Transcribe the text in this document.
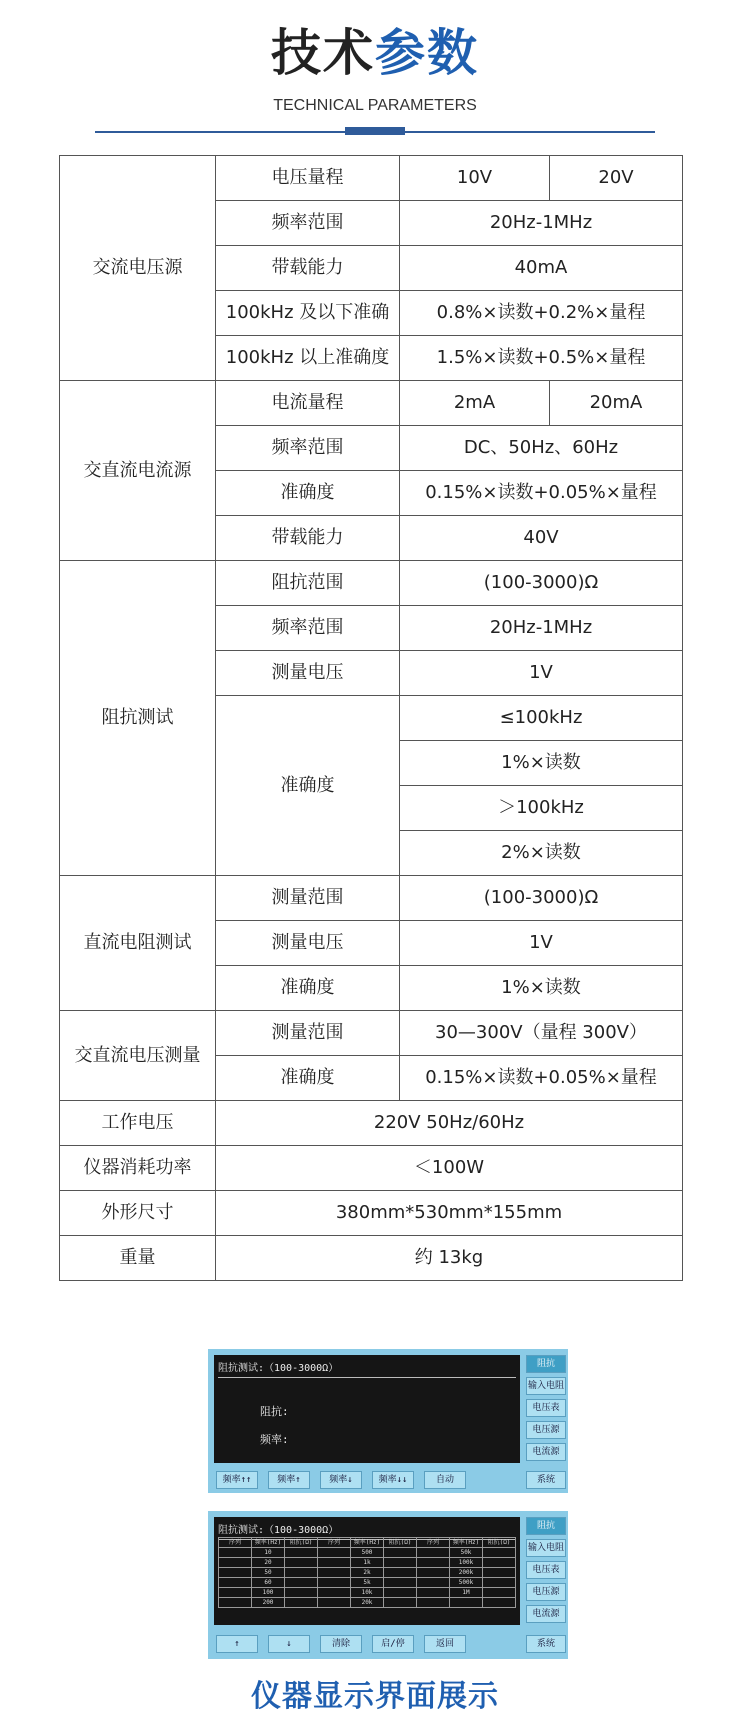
技术参数
TECHNICAL PARAMETERS
交流电压源	电压量程	10V	20V
	频率范围	20Hz-1MHz	
	带载能力	40mA	
	100kHz 及以下准确	0.8%×读数+0.2%×量程	
	100kHz 以上准确度	1.5%×读数+0.5%×量程	
交直流电流源	电流量程	2mA	20mA
	频率范围	DC、50Hz、60Hz	
	准确度	0.15%×读数+0.05%×量程	
	带载能力	40V	
阻抗测试	阻抗范围	(100-3000)Ω	
	频率范围	20Hz-1MHz	
	测量电压	1V	
	准确度	≤100kHz	
		1%×读数	
		＞100kHz	
		2%×读数	
直流电阻测试	测量范围	(100-3000)Ω	
	测量电压	1V	
	准确度	1%×读数	
交直流电压测量	测量范围	30—300V（量程 300V）	
	准确度	0.15%×读数+0.05%×量程	
工作电压	220V 50Hz/60Hz		
仪器消耗功率	＜100W		
外形尺寸	380mm*530mm*155mm		
重量	约 13kg		
阻抗测试:（100-3000Ω）
阻抗:
频率:
阻抗
输入电阻
电压表
电压源
电流源
系统
频率↑↑	频率↑	频率↓	频率↓↓	自动
阻抗测试:（100-3000Ω）
序列	频率(Hz)	阻抗(Ω)	序列	频率(Hz)	阻抗(Ω)	序列	频率(Hz)	阻抗(Ω)
	10			500			50k	
	20			1k			100k	
	50			2k			200k	
	60			5k			500k	
	100			10k			1M	
	200			20k				
阻抗
输入电阻
电压表
电压源
电流源
系统
↑	↓	清除	启/停	返回
仪器显示界面展示
